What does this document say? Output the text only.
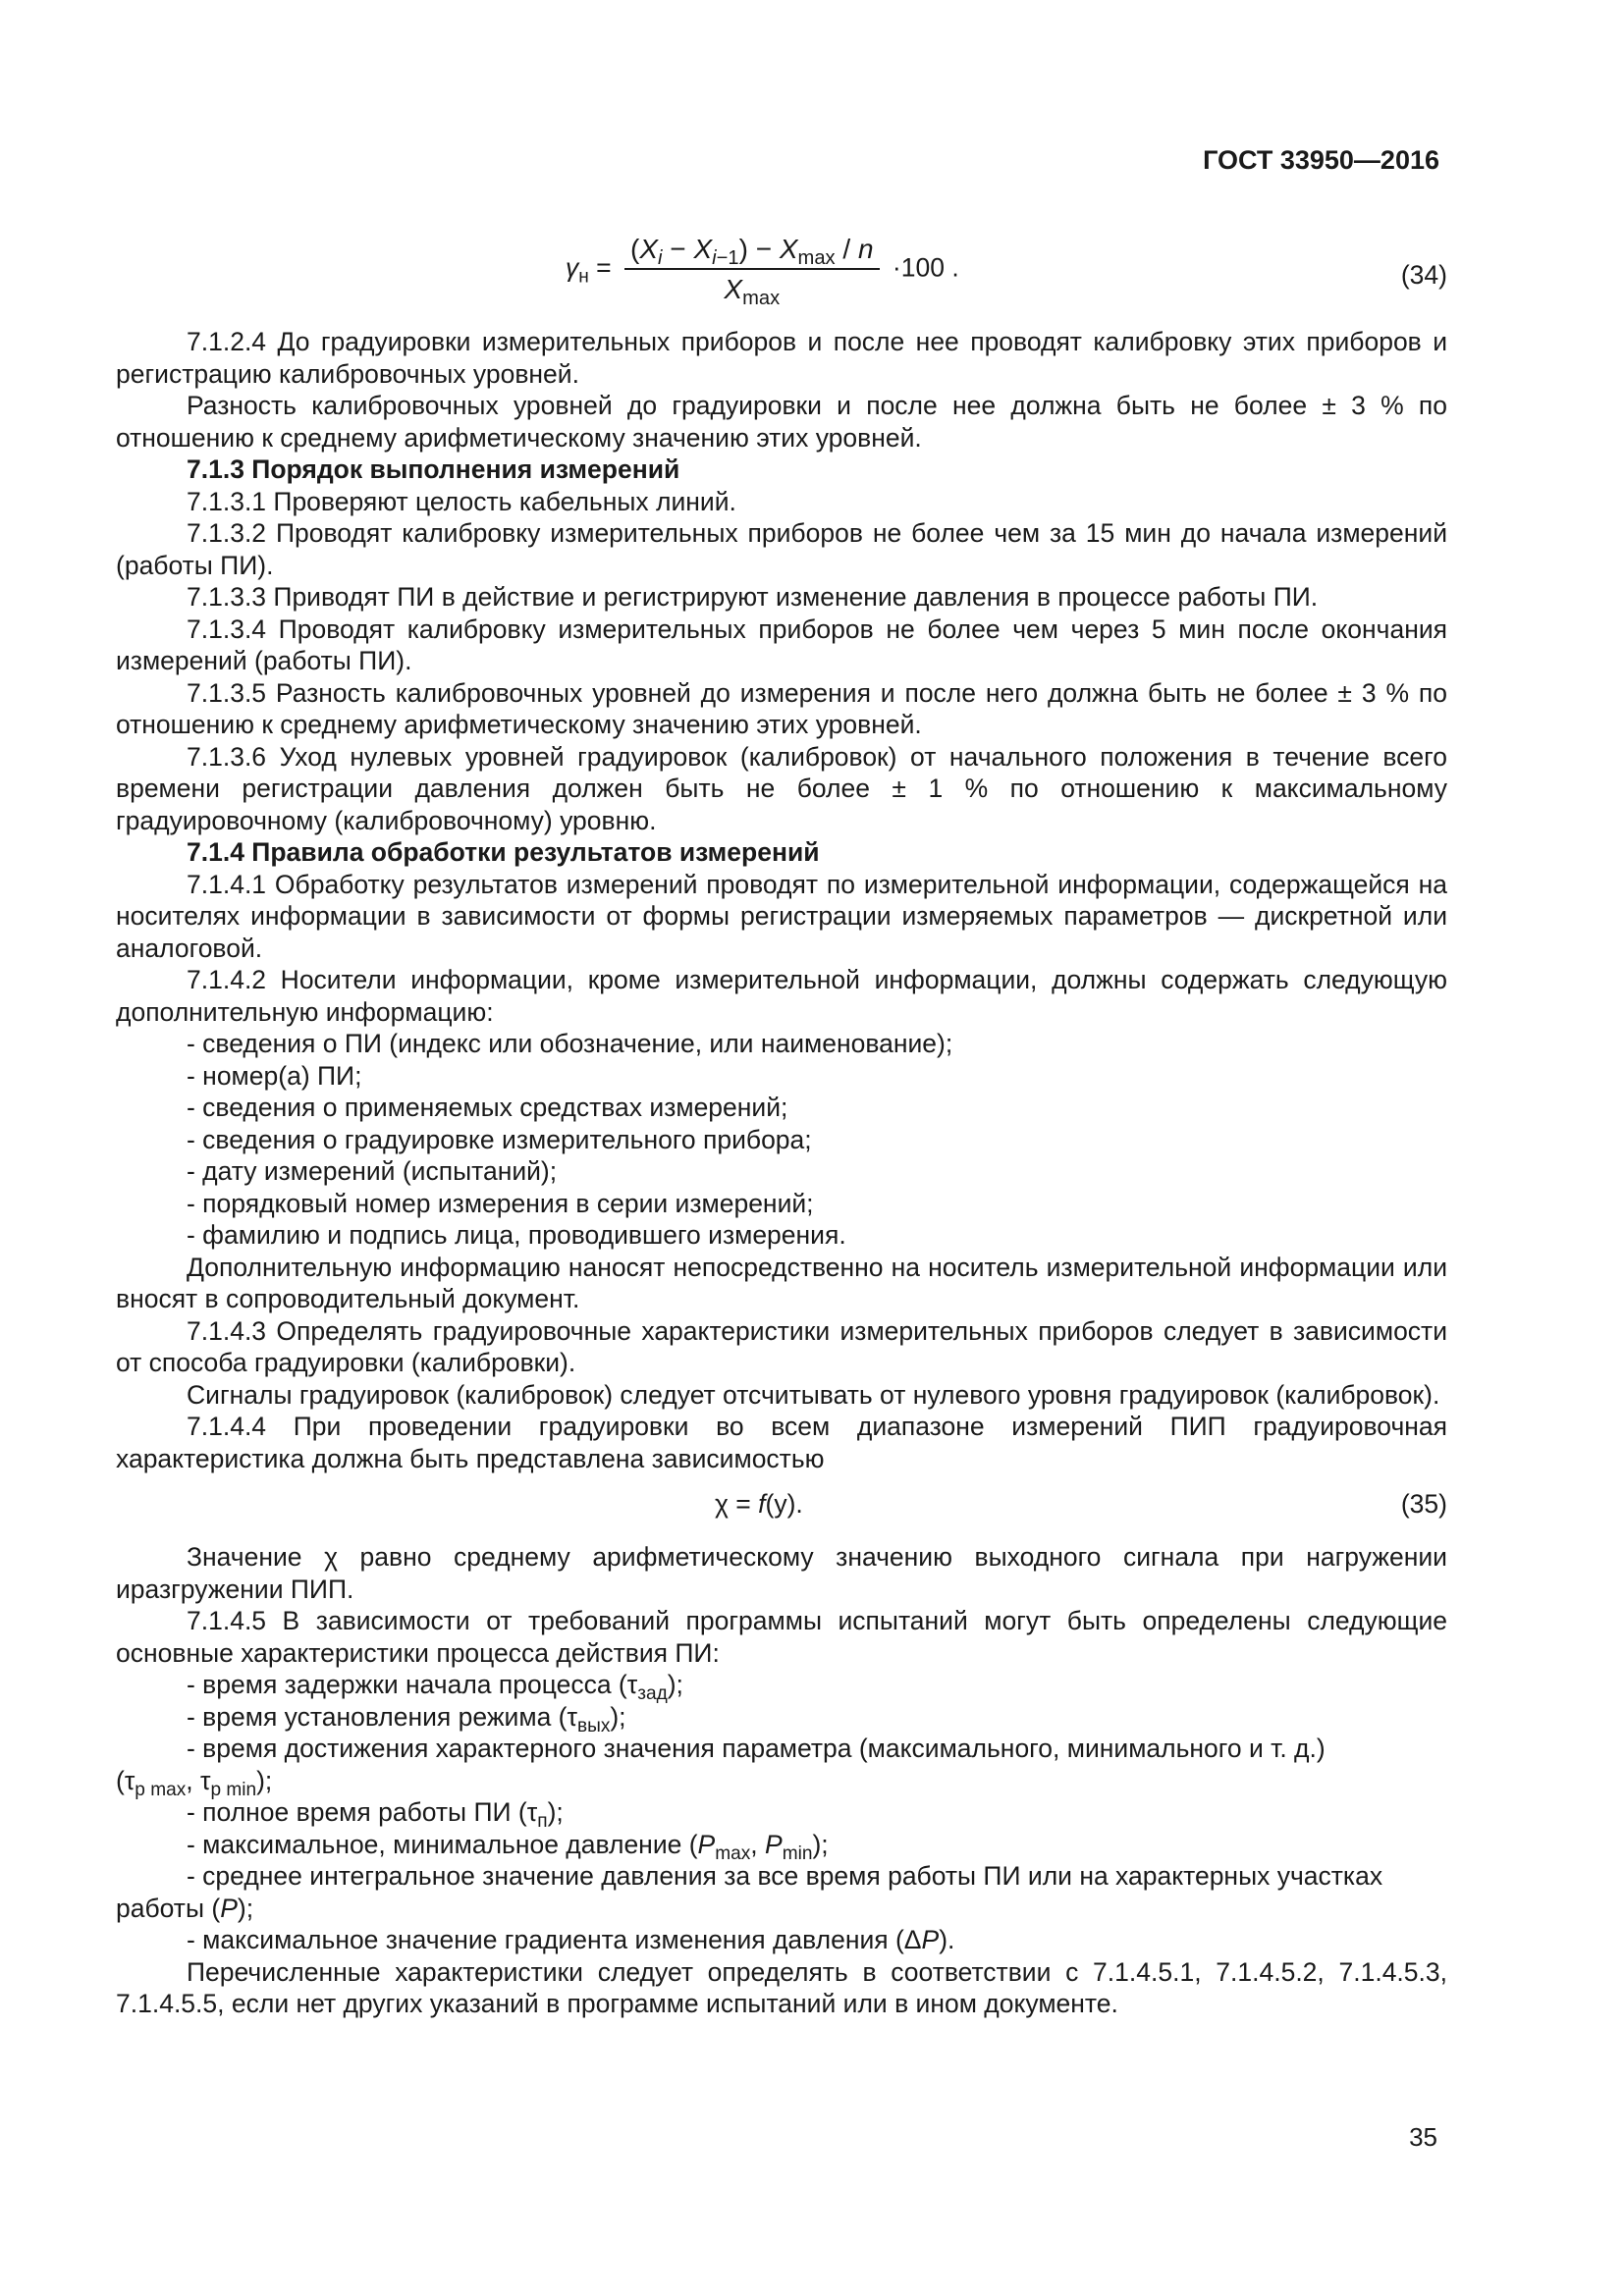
ГОСТ 33950—2016
$\gamma_н = \frac{(X_i - X_{i-1}) - X_{max} / n}{X_{max}} \cdot 100$ .	(34)

7.1.2.4 До градуировки измерительных приборов и после нее проводят калибровку этих приборов и регистрацию калибровочных уровней.

Разность калибровочных уровней до градуировки и после нее должна быть не более ± 3 % по отношению к среднему арифметическому значению этих уровней.

7.1.3 Порядок выполнения измерений

7.1.3.1 Проверяют целость кабельных линий.

7.1.3.2 Проводят калибровку измерительных приборов не более чем за 15 мин до начала измерений (работы ПИ).

7.1.3.3 Приводят ПИ в действие и регистрируют изменение давления в процессе работы ПИ.

7.1.3.4 Проводят калибровку измерительных приборов не более чем через 5 мин после окончания измерений (работы ПИ).

7.1.3.5 Разность калибровочных уровней до измерения и после него должна быть не более ± 3 % по отношению к среднему арифметическому значению этих уровней.

7.1.3.6 Уход нулевых уровней градуировок (калибровок) от начального положения в течение всего времени регистрации давления должен быть не более ± 1 % по отношению к максимальному градуировочному (калибровочному) уровню.

7.1.4 Правила обработки результатов измерений

7.1.4.1 Обработку результатов измерений проводят по измерительной информации, содержащейся на носителях информации в зависимости от формы регистрации измеряемых параметров — дискретной или аналоговой.

7.1.4.2 Носители информации, кроме измерительной информации, должны содержать следующую дополнительную информацию:

- сведения о ПИ (индекс или обозначение, или наименование);

- номер(а) ПИ;

- сведения о применяемых средствах измерений;

- сведения о градуировке измерительного прибора;

- дату измерений (испытаний);

- порядковый номер измерения в серии измерений;

- фамилию и подпись лица, проводившего измерения.

Дополнительную информацию наносят непосредственно на носитель измерительной информации или вносят в сопроводительный документ.

7.1.4.3 Определять градуировочные характеристики измерительных приборов следует в зависимости от способа градуировки (калибровки).

Сигналы градуировок (калибровок) следует отсчитывать от нулевого уровня градуировок (калибровок).

7.1.4.4 При проведении градуировки во всем диапазоне измерений ПИП градуировочная характеристика должна быть представлена зависимостью

χ = f(y).	(35)

Значение χ равно среднему арифметическому значению выходного сигнала при нагружении иразгружении ПИП.

7.1.4.5 В зависимости от требований программы испытаний могут быть определены следующие основные характеристики процесса действия ПИ:

- время задержки начала процесса $(\tau_{зад})$;

- время установления режима $(\tau_{вых})$;

- время достижения характерного значения параметра (максимального, минимального и т. д.)
($\tau_{р max}$, $\tau_{р min}$);

- полное время работы ПИ $(\tau_п)$;

- максимальное, минимальное давление ($P_{max}$, $P_{min}$);

- среднее интегральное значение давления за все время работы ПИ или на характерных участках
работы (P);

- максимальное значение градиента изменения давления (ΔP).

Перечисленные характеристики следует определять в соответствии с 7.1.4.5.1, 7.1.4.5.2, 7.1.4.5.3, 7.1.4.5.5, если нет других указаний в программе испытаний или в ином документе.

35
